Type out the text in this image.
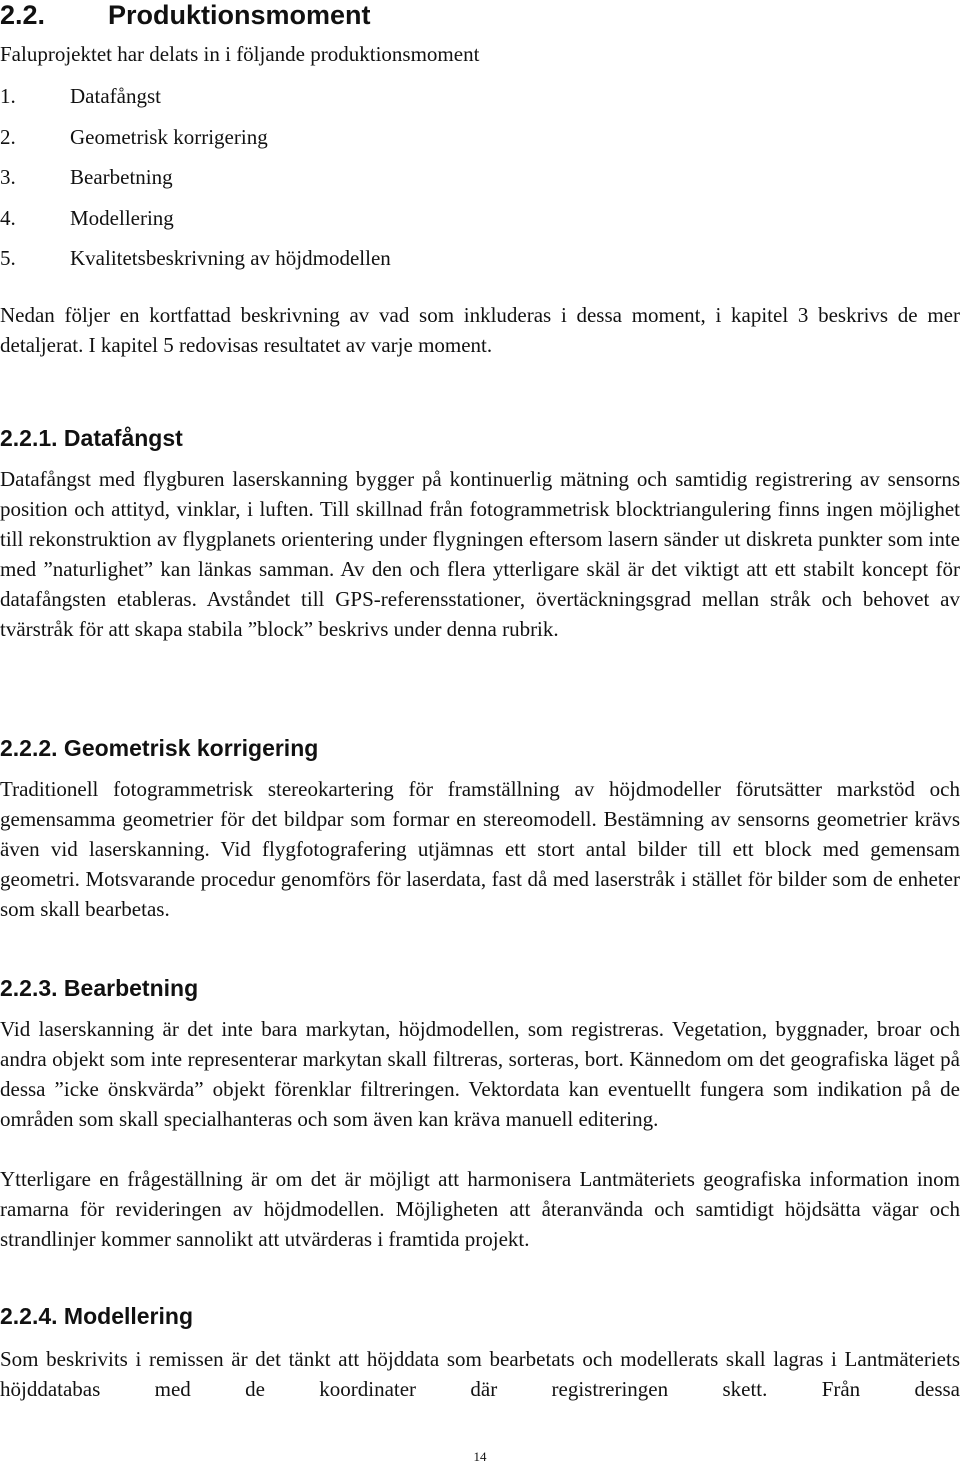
2.2. Produktionsmoment

Faluprojektet har delats in i följande produktionsmoment

1.	Datafångst
2.	Geometrisk korrigering
3.	Bearbetning
4.	Modellering
5.	Kvalitetsbeskrivning av höjdmodellen

Nedan följer en kortfattad beskrivning av vad som inkluderas i dessa moment, i kapitel 3 beskrivs de mer detaljerat. I kapitel 5 redovisas resultatet av varje moment.

2.2.1. Datafångst

Datafångst med flygburen laserskanning bygger på kontinuerlig mätning och samtidig registrering av sensorns position och attityd, vinklar, i luften. Till skillnad från fotogrammetrisk blocktriangulering finns ingen möjlighet till rekonstruktion av flygplanets orientering under flygningen eftersom lasern sänder ut diskreta punkter som inte med ”naturlighet” kan länkas samman. Av den och flera ytterligare skäl är det viktigt att ett stabilt koncept för datafångsten etableras. Avståndet till GPS-referensstationer, övertäckningsgrad mellan stråk och behovet av tvärstråk för att skapa stabila ”block” beskrivs under denna rubrik.

2.2.2. Geometrisk korrigering

Traditionell fotogrammetrisk stereokartering för framställning av höjdmodeller förutsätter markstöd och gemensamma geometrier för det bildpar som formar en stereomodell. Bestämning av sensorns geometrier krävs även vid laserskanning. Vid flygfotografering utjämnas ett stort antal bilder till ett block med gemensam geometri. Motsvarande procedur genomförs för laserdata, fast då med laserstråk i stället för bilder som de enheter som skall bearbetas.

2.2.3. Bearbetning

Vid laserskanning är det inte bara markytan, höjdmodellen, som registreras. Vegetation, byggnader, broar och andra objekt som inte representerar markytan skall filtreras, sorteras, bort. Kännedom om det geografiska läget på dessa ”icke önskvärda” objekt förenklar filtreringen. Vektordata kan eventuellt fungera som indikation på de områden som skall specialhanteras och som även kan kräva manuell editering.

Ytterligare en frågeställning är om det är möjligt att harmonisera Lantmäteriets geografiska information inom ramarna för revideringen av höjdmodellen. Möjligheten att återanvända och samtidigt höjdsätta vägar och strandlinjer kommer sannolikt att utvärderas i framtida projekt.

2.2.4. Modellering

Som beskrivits i remissen är det tänkt att höjddata som bearbetats och modellerats skall lagras i Lantmäteriets höjddatabas med de koordinater där registreringen skett. Från dessa

14
